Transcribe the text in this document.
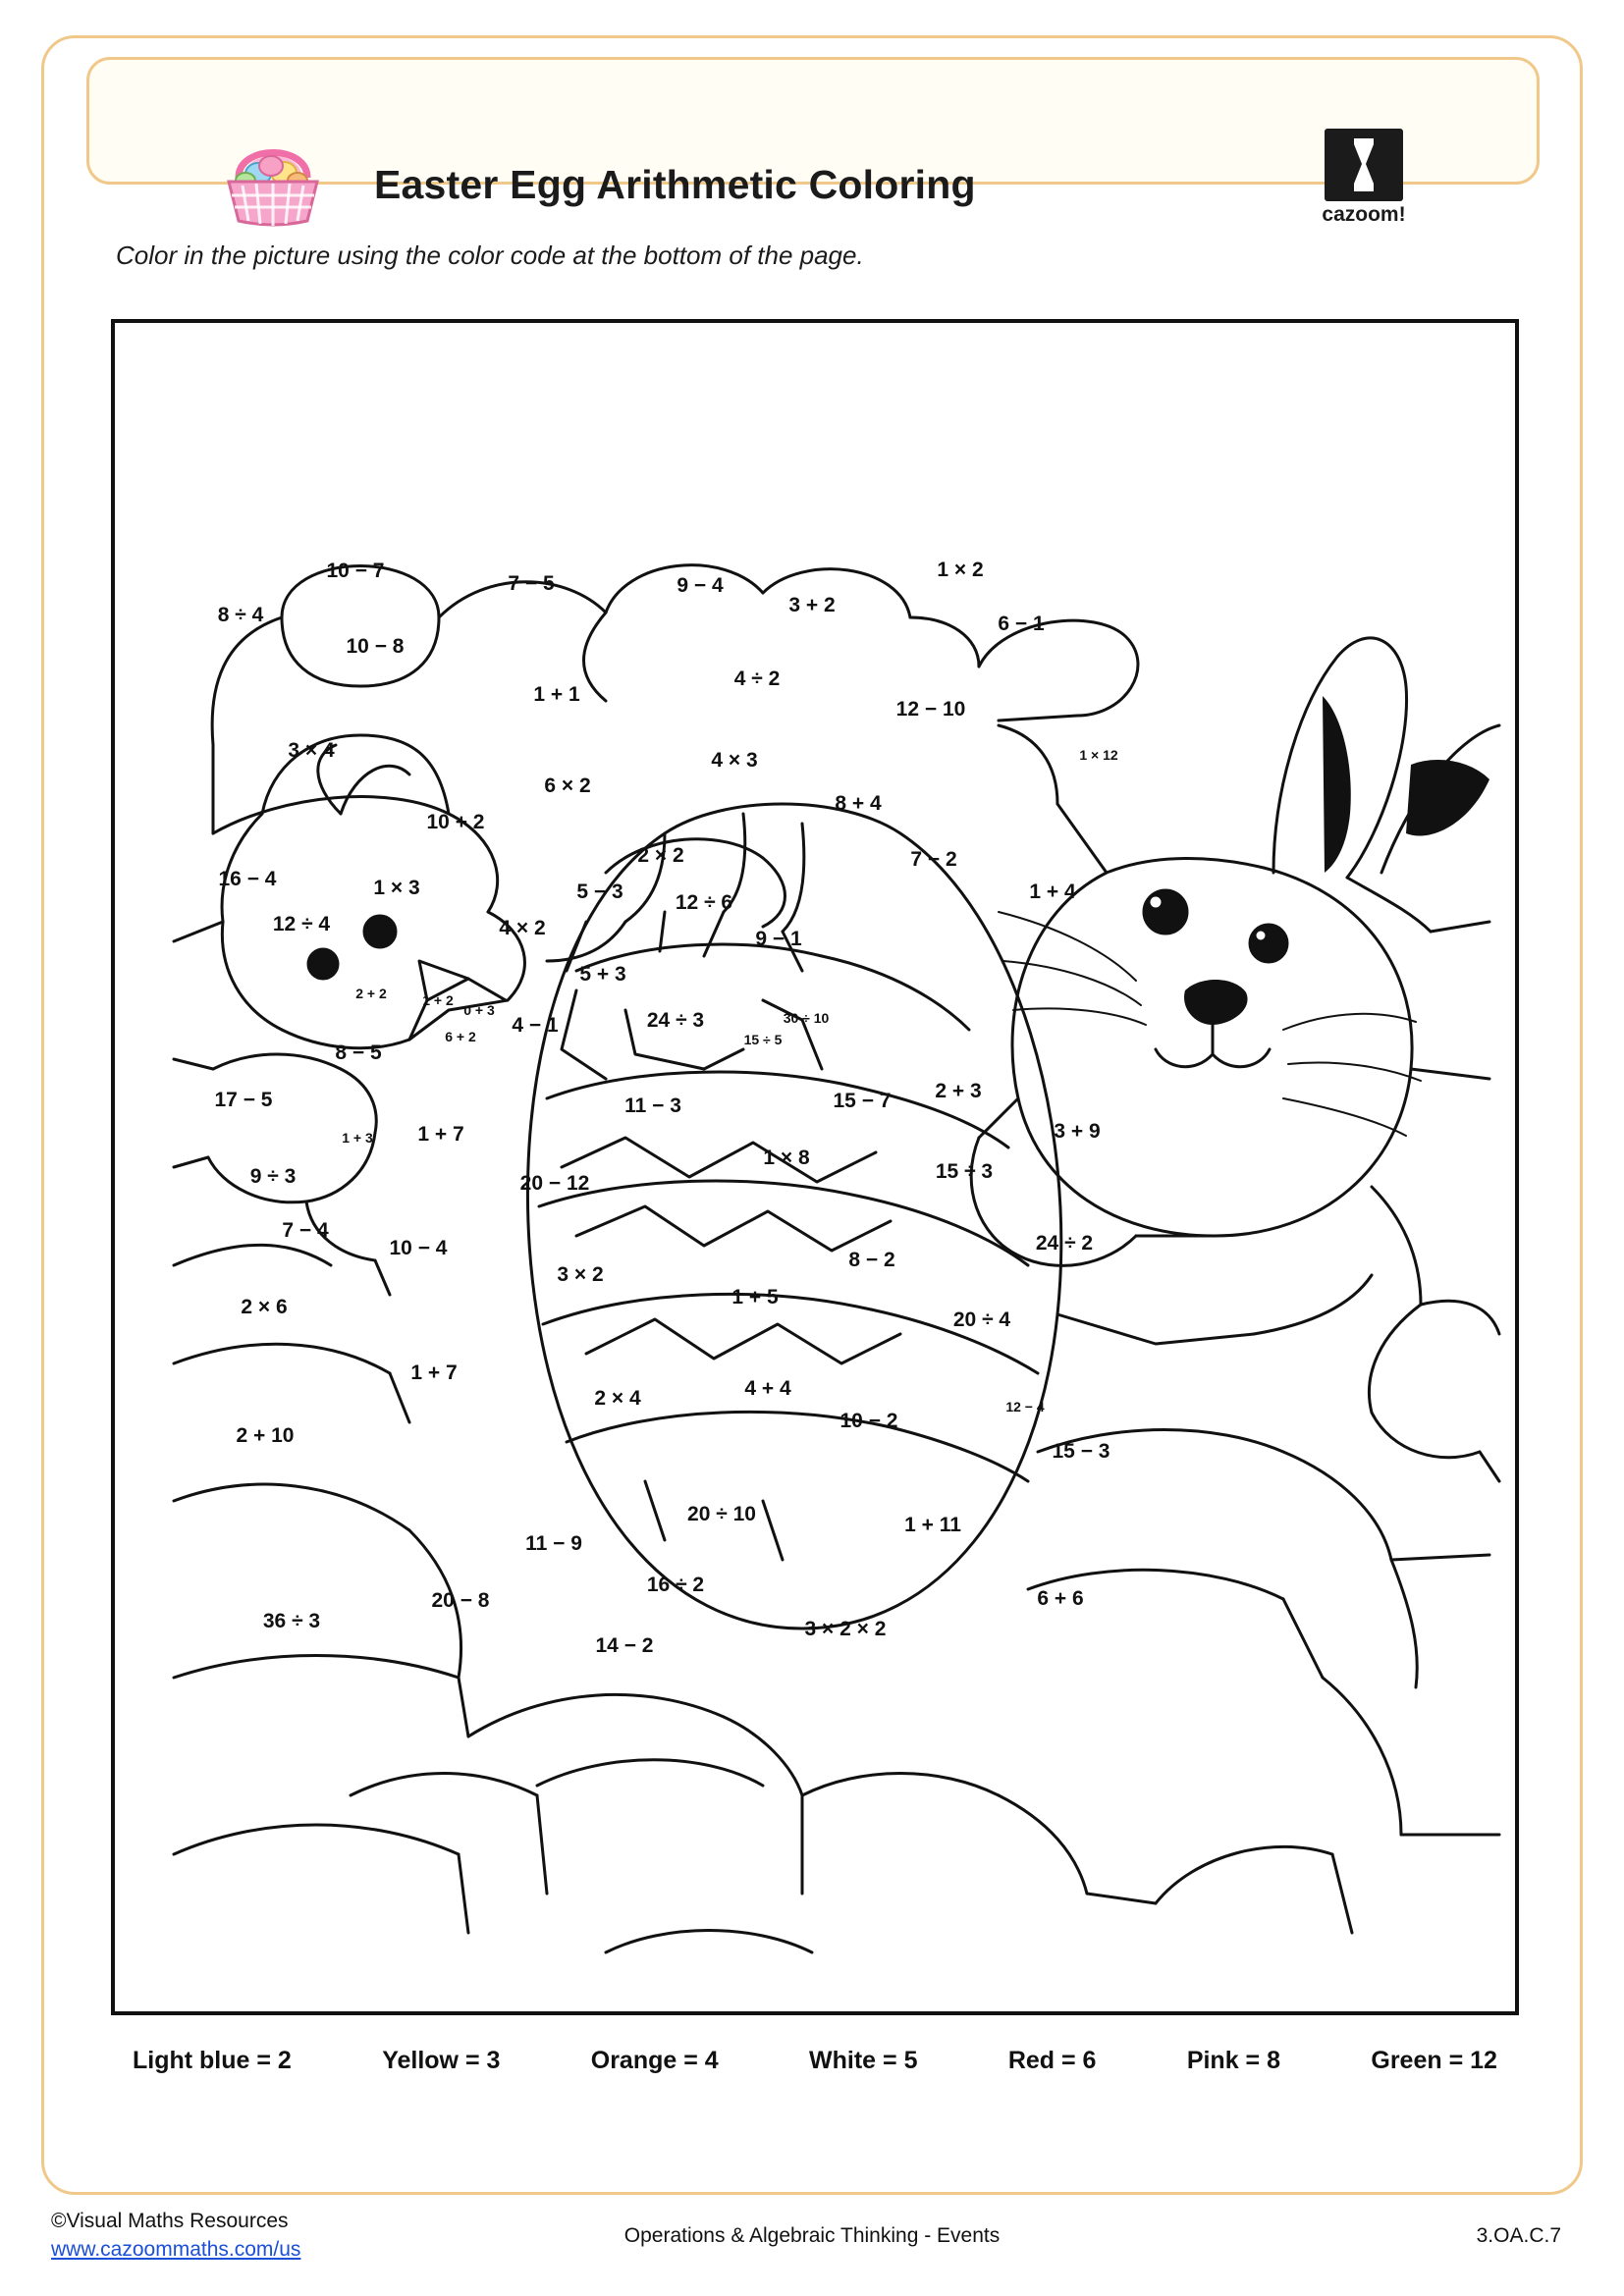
Easter Egg Arithmetic Coloring
cazoom!
Color in the picture using the color code at the bottom of the page.
10 − 7
7 − 5	9 − 4
3 + 2
1 × 2
6 − 1
8 ÷ 4
10 − 8
1 + 1
4 ÷ 2
12 − 10
3 × 4	4 × 3	1 × 12
6 × 2
8 + 4
10 + 2
2 × 2	7 − 2
16 − 4	1 × 3	5 − 3	12 ÷ 6	1 + 4
12 ÷ 4	4 × 2	9 − 1
5 + 3
2 + 2	1 + 2
0 + 3
6 + 2 4 − 1	24 ÷ 3	30 ÷ 10
15 ÷ 5
8 − 5
11 − 3	15 − 7 2 + 3
17 − 5
1 + 3 1 + 7
1 × 8
15 ÷ 3
3 + 9
9 ÷ 3	20 − 12
7 − 4
10 − 4	24 ÷ 2
3 × 2
8 − 2
1 + 5
20 ÷ 4
2 × 6
1 + 7
2 × 4	4 + 4
10 − 2
12 − 4
2 + 10
15 − 3
20 ÷ 10	1 + 11
11 − 9
16 ÷ 2
20 − 8	6 + 6
36 ÷ 3	3 × 2 × 2
14 − 2
Light blue = 2	Yellow = 3	Orange = 4	White = 5	Red = 6	Pink = 8	Green = 12
©Visual Maths Resources
www.cazoommaths.com/us
Operations & Algebraic Thinking - Events	3.OA.C.7
